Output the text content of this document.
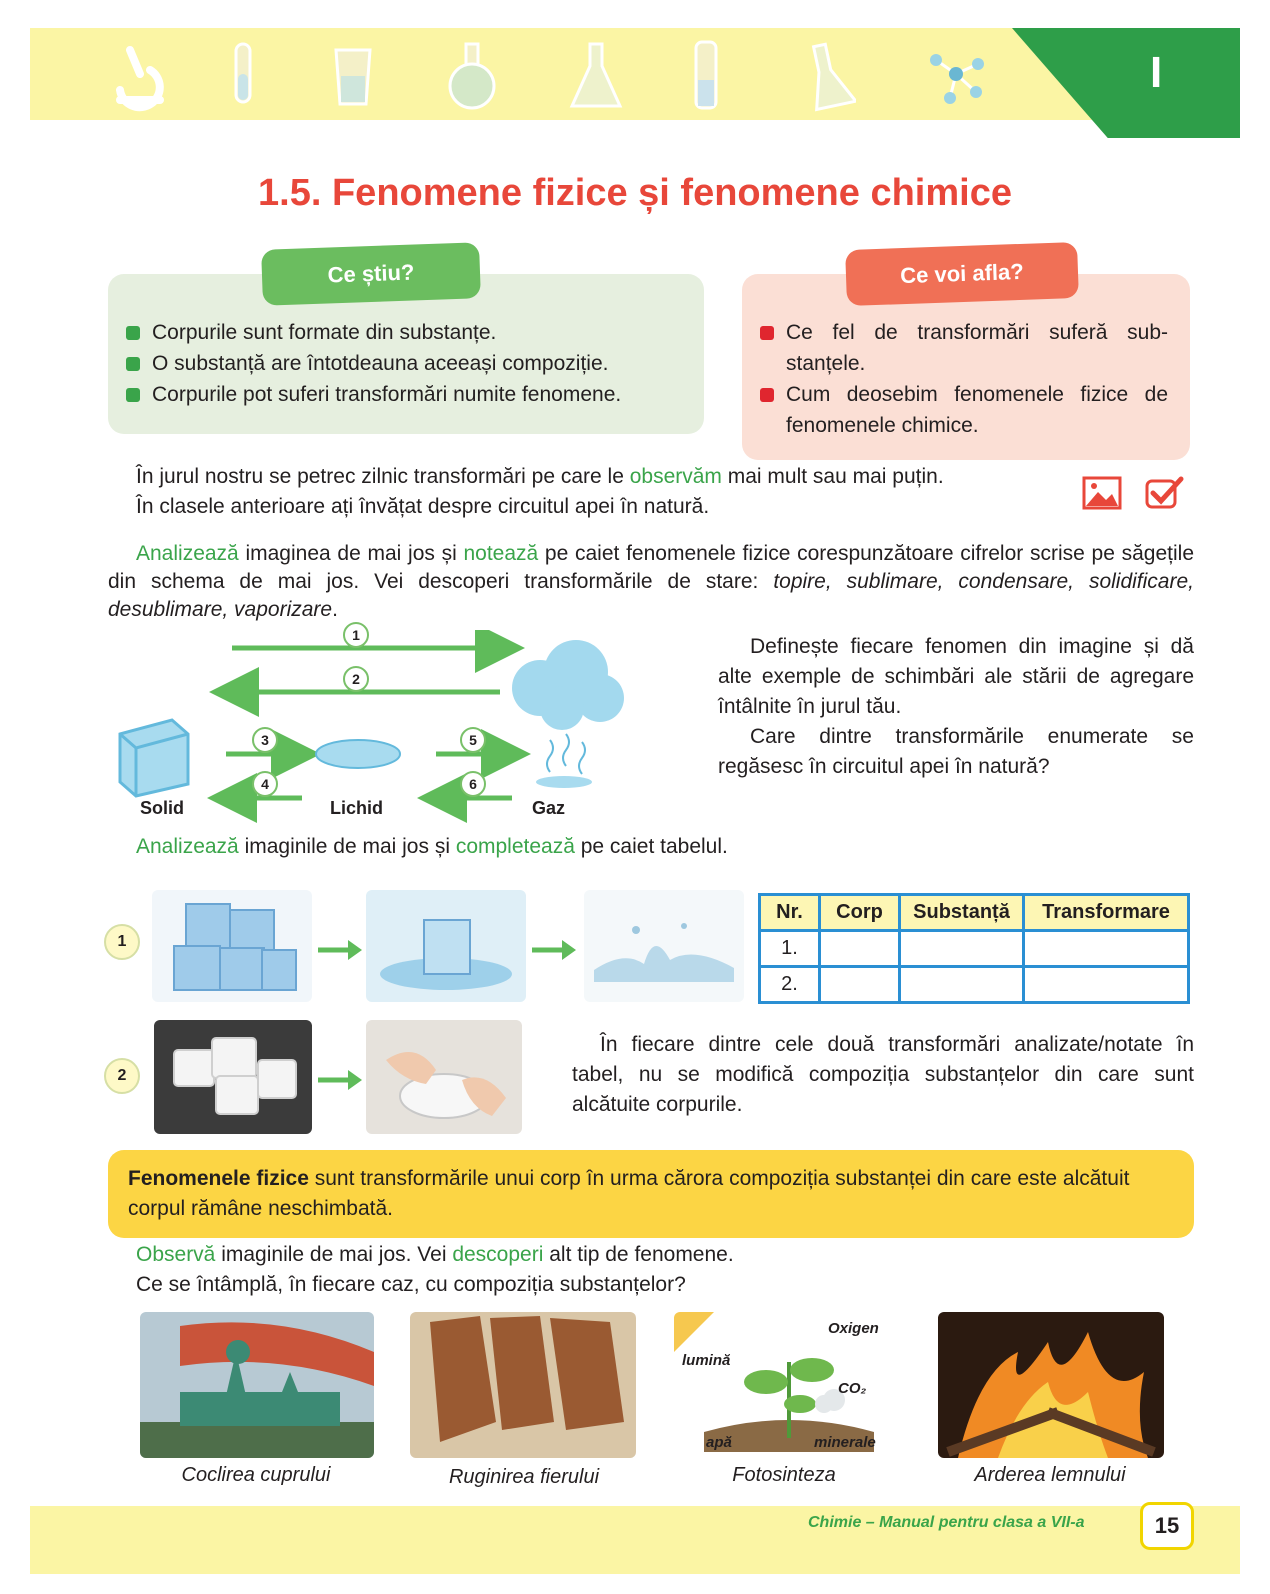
I
1.5. Fenomene fizice și fenomene chimice
Ce știu?
Corpurile sunt formate din substanțe.
O substanță are întotdeauna aceeași compoziție.
Corpurile pot suferi transformări numite fenomene.
Ce voi afla?
Ce fel de transformări suferă sub-stanțele.
Cum deosebim fenomenele fizice de fenomenele chimice.
În jurul nostru se petrec zilnic transformări pe care le observăm mai mult sau mai puțin.
În clasele anterioare ați învățat despre circuitul apei în natură.
Analizează imaginea de mai jos și notează pe caiet fenomenele fizice corespunzătoare cifrelor scrise pe săgețile din schema de mai jos. Vei descoperi transformările de stare: topire, sublimare, condensare, solidificare, desublimare, vaporizare.
1
2
3
4
5
6
Solid	Lichid	Gaz
Definește fiecare fenomen din imagine și dă alte exemple de schimbări ale stării de agregare întâlnite în jurul tău.
Care dintre transformările enumerate se regăsesc în circuitul apei în natură?
Analizează imaginile de mai jos și completează pe caiet tabelul.
1
Nr.	Corp	Substanță	Transformare
1.			
2.			
2
În fiecare dintre cele două transformări analizate/notate în tabel, nu se modifică compoziția substanțelor din care sunt alcătuite corpurile.
Fenomenele fizice sunt transformările unui corp în urma cărora compoziția substanței din care este alcătuit corpul rămâne neschimbată.
Observă imaginile de mai jos. Vei descoperi alt tip de fenomene.
Ce se întâmplă, în fiecare caz, cu compoziția substanțelor?
lumină
Oxigen
CO₂
apă	minerale
Coclirea cuprului	Ruginirea fierului	Fotosinteza	Arderea lemnului
Chimie – Manual pentru clasa a VII-a	15
